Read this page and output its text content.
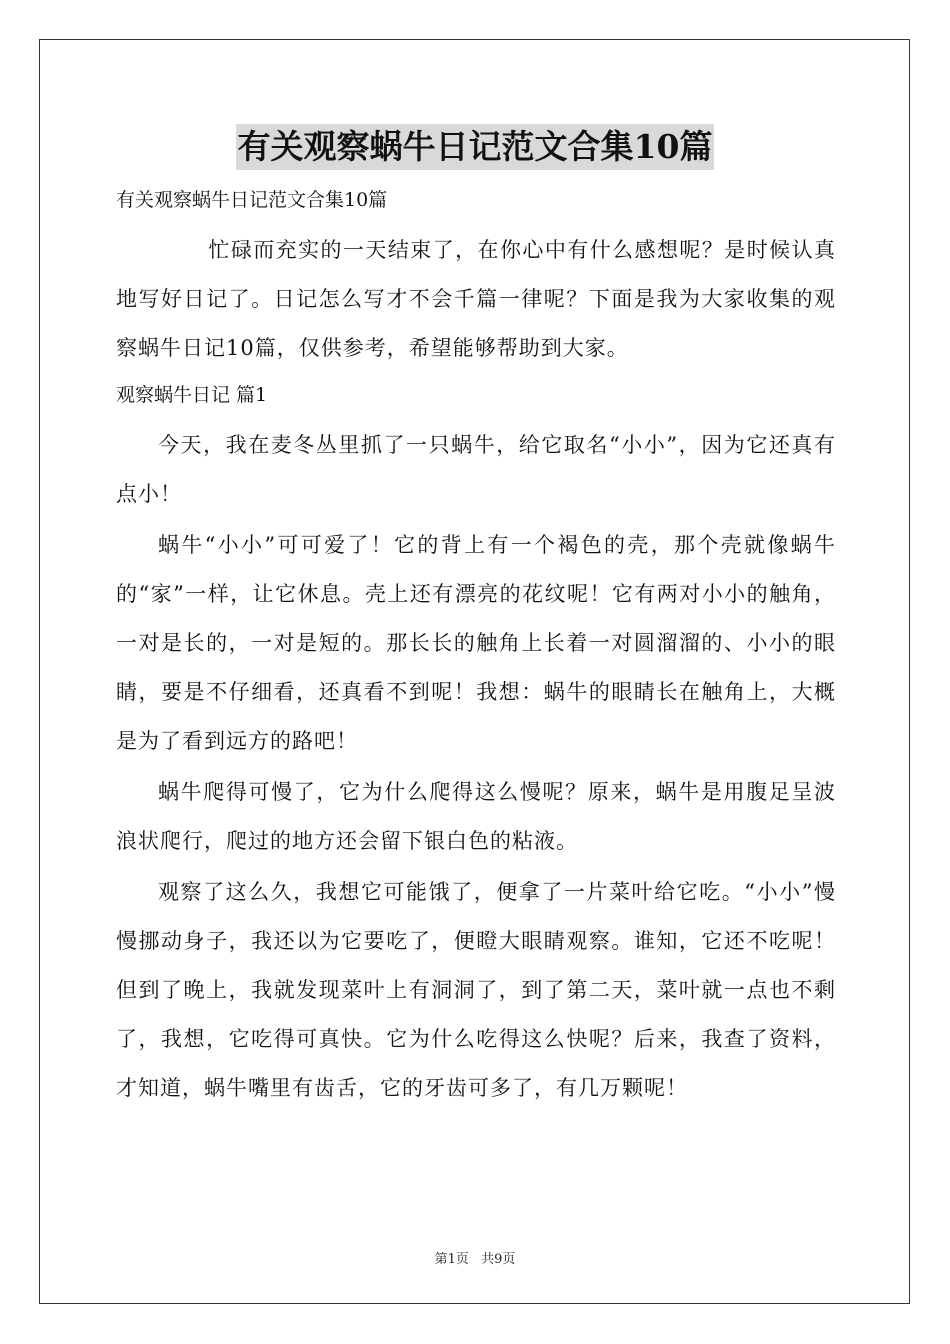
有关观察蜗牛日记范文合集10篇

有关观察蜗牛日记范文合集10篇

忙碌而充实的一天结束了，在你心中有什么感想呢？是时候认真地写好日记了。日记怎么写才不会千篇一律呢？下面是我为大家收集的观察蜗牛日记10篇，仅供参考，希望能够帮助到大家。

观察蜗牛日记 篇1

今天，我在麦冬丛里抓了一只蜗牛，给它取名“小小”，因为它还真有点小！

蜗牛“小小”可可爱了！它的背上有一个褐色的壳，那个壳就像蜗牛的“家”一样，让它休息。壳上还有漂亮的花纹呢！它有两对小小的触角，一对是长的，一对是短的。那长长的触角上长着一对圆溜溜的、小小的眼睛，要是不仔细看，还真看不到呢！我想：蜗牛的眼睛长在触角上，大概是为了看到远方的路吧！

蜗牛爬得可慢了，它为什么爬得这么慢呢？原来，蜗牛是用腹足呈波浪状爬行，爬过的地方还会留下银白色的粘液。

观察了这么久，我想它可能饿了，便拿了一片菜叶给它吃。“小小”慢慢挪动身子，我还以为它要吃了，便瞪大眼睛观察。谁知，它还不吃呢！但到了晚上，我就发现菜叶上有洞洞了，到了第二天，菜叶就一点也不剩了，我想，它吃得可真快。它为什么吃得这么快呢？后来，我查了资料，才知道，蜗牛嘴里有齿舌，它的牙齿可多了，有几万颗呢！

第1页 共9页
